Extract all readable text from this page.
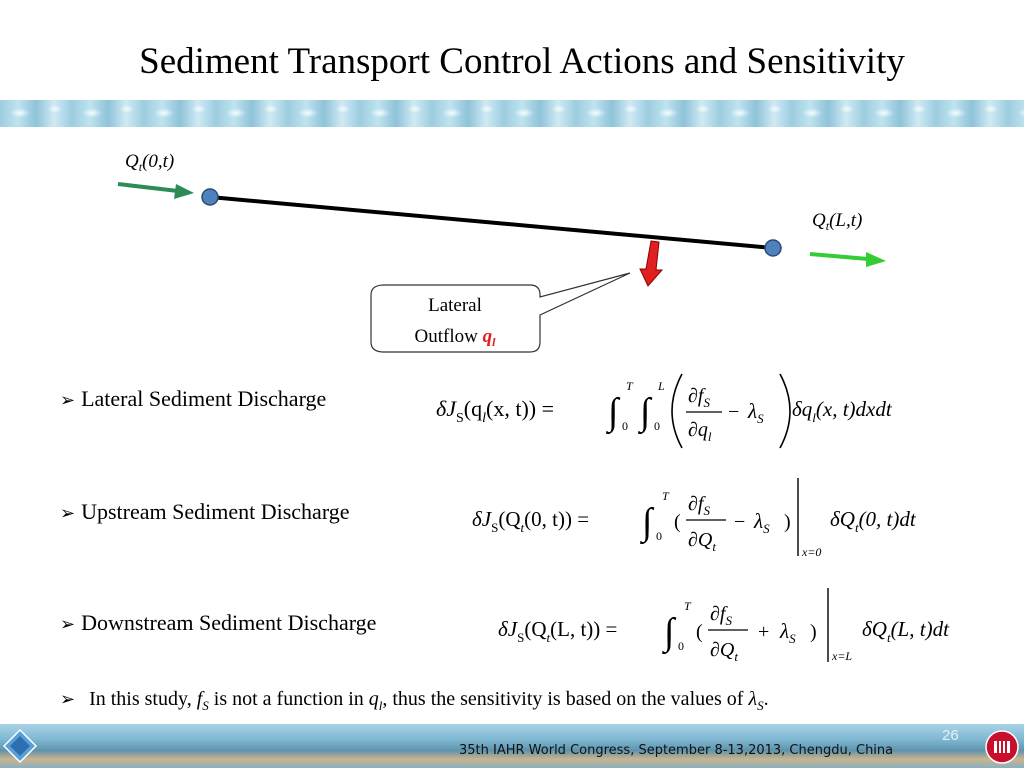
Sediment Transport Control Actions and Sensitivity
$Q_t(0,t)$
$Q_t(L,t)$
Lateral
Outflow $q_l$
➢ Lateral Sediment Discharge
➢ Upstream Sediment Discharge
➢ Downstream Sediment Discharge
$\delta J_S(q_l(x$, t)) = ∫
T
0 ∫
L
0
$\partial f_S$
$\partial q_l$
− $\lambda_S$ $\delta q_l(x$, t)dxdt
$\delta J_S(Q_t(0$, t)) = ∫
T
0
(
$\partial f_S$
$\partial Q_t$
− $\lambda_S$ )
x=0
$\delta Q_t(0$, t)dt
$\delta J_S(Q_t(L$, t)) = ∫
T
0
(
$\partial f_S$
$\partial Q_t$
+ $\lambda_S$ )
x=L
$\delta Q_t(L$, t)dt
➢ In this study, $f_S$ is not a function in $q_l$, thus the sensitivity is based on the values of $\lambda_S$.
26
35th IAHR World Congress, September 8-13,2013, Chengdu, China
